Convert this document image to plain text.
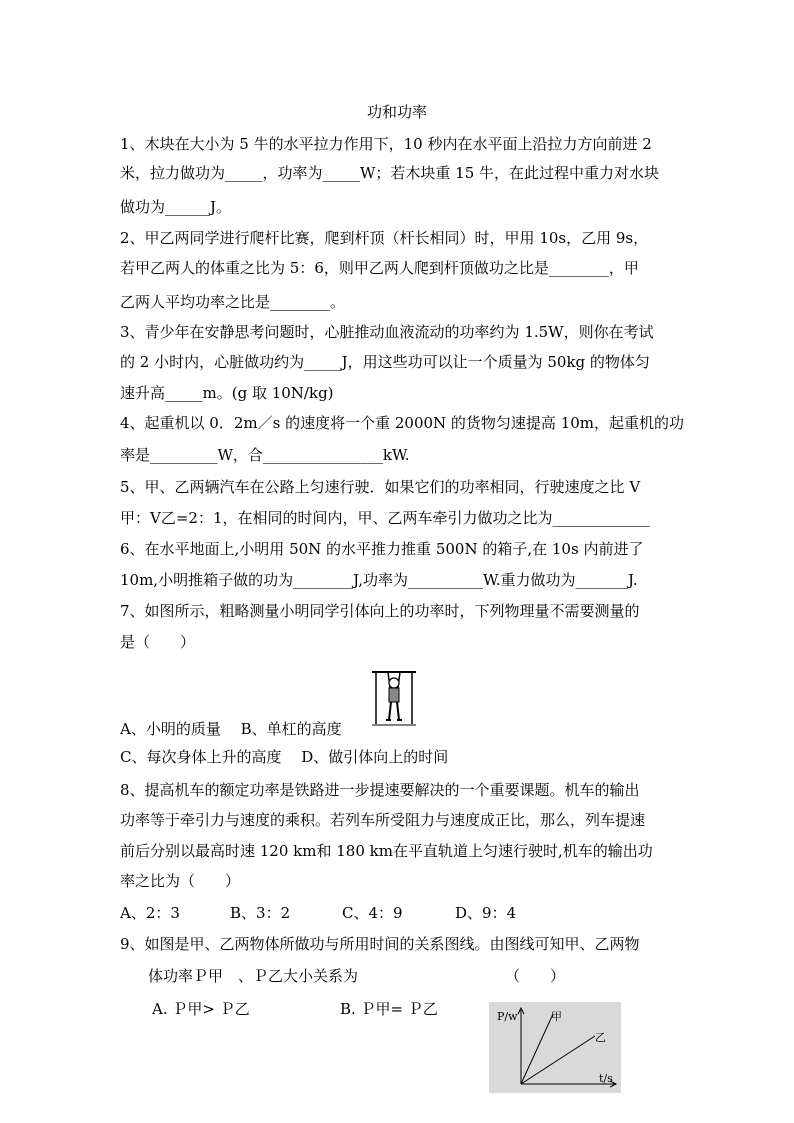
功和功率
1、木块在大小为 5 牛的水平拉力作用下，10 秒内在水平面上沿拉力方向前进 2
米，拉力做功为_____，功率为_____W；若木块重 15 牛，在此过程中重力对水块
做功为______J。
2、甲乙两同学进行爬杆比赛，爬到杆顶（杆长相同）时，甲用 10s，乙用 9s，
若甲乙两人的体重之比为 5：6，则甲乙两人爬到杆顶做功之比是________，甲
乙两人平均功率之比是________。
3、青少年在安静思考问题时，心脏推动血液流动的功率约为 1.5W，则你在考试
的 2 小时内，心脏做功约为_____J，用这些功可以让一个质量为 50kg 的物体匀
速升高_____m。(g 取 10N/kg)
4、起重机以 0．2m／s 的速度将一个重 2000N 的货物匀速提高 10m，起重机的功
率是_________W，合________________kW.
5、甲、乙两辆汽车在公路上匀速行驶．如果它们的功率相同，行驶速度之比 V
甲：V乙=2：1，在相同的时间内，甲、乙两车牵引力做功之比为_____________
6、在水平地面上,小明用 50N 的水平推力推重 500N 的箱子,在 10s 内前进了
10m,小明推箱子做的功为________J,功率为__________W.重力做功为_______J.
7、如图所示，粗略测量小明同学引体向上的功率时，下列物理量不需要测量的
是（　　）
A、小明的质量　 B、单杠的高度
C、每次身体上升的高度　 D、做引体向上的时间
8、提高机车的额定功率是铁路进一步提速要解决的一个重要课题。机车的输出
功率等于牵引力与速度的乘积。若列车所受阻力与速度成正比，那么，列车提速
前后分别以最高时速 120 km和 180 km在平直轨道上匀速行驶时,机车的输出功
率之比为（　　）
A、2：3	B、3：2	C、4：9	D、9：4
9、如图是甲、乙两物体所做功与所用时间的关系图线。由图线可知甲、乙两物
体功率Ｐ甲　、Ｐ乙大小关系为	（　　）
A. Ｐ甲> Ｐ乙	B. Ｐ甲= Ｐ乙	P/w
t/s
甲
乙
